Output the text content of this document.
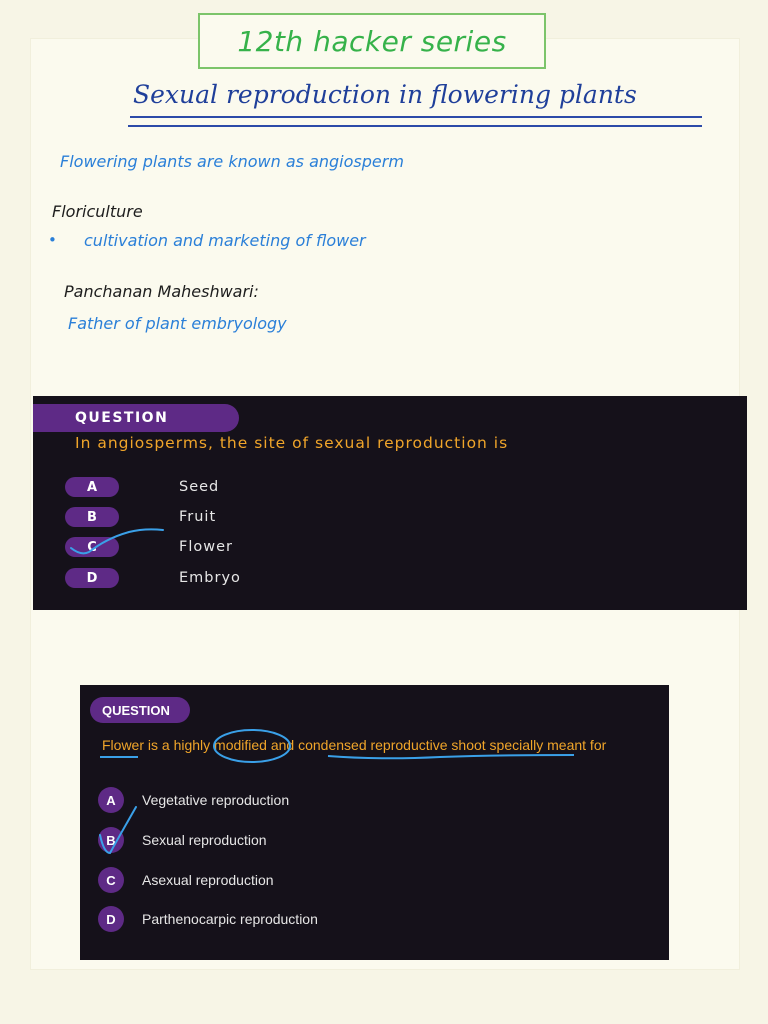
12th hacker series
Sexual reproduction in flowering plants
Flowering plants are known as angiosperm
Floriculture
• cultivation and marketing of flower
Panchanan Maheshwari:
Father of plant embryology
QUESTION
In angiosperms, the site of sexual reproduction is
A	Seed
B	Fruit
C	Flower
D	Embryo
QUESTION
Flower is a highly modified and condensed reproductive shoot specially meant for
A	Vegetative reproduction
B	Sexual reproduction
C	Asexual reproduction
D	Parthenocarpic reproduction
